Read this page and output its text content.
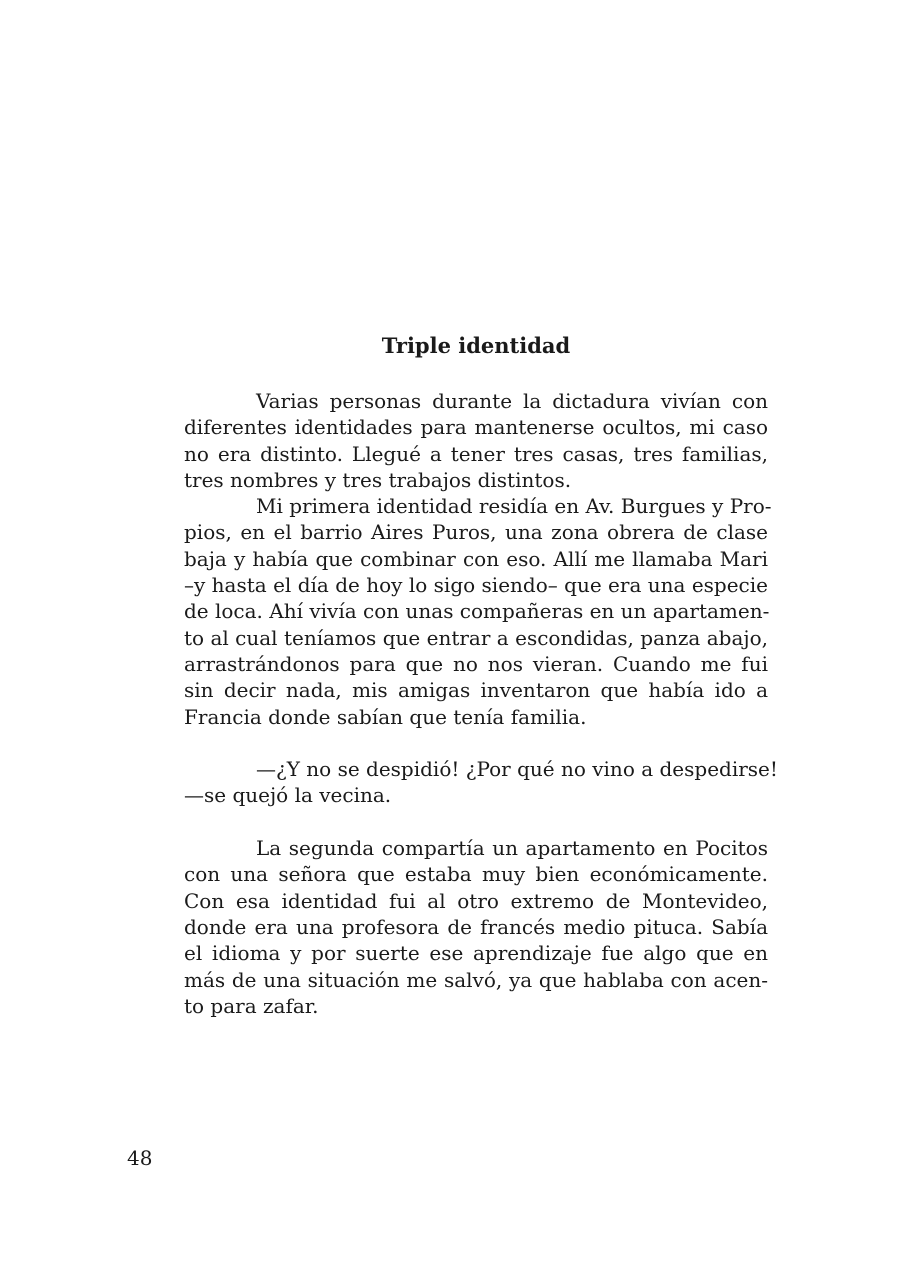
Triple identidad
Varias personas durante la dictadura vivían con
diferentes identidades para mantenerse ocultos, mi caso
no era distinto. Llegué a tener tres casas, tres familias,
tres nombres y tres trabajos distintos.
Mi primera identidad residía en Av. Burgues y Pro-
pios, en el barrio Aires Puros, una zona obrera de clase
baja y había que combinar con eso. Allí me llamaba Mari
–y hasta el día de hoy lo sigo siendo– que era una especie
de loca. Ahí vivía con unas compañeras en un apartamen-
to al cual teníamos que entrar a escondidas, panza abajo,
arrastrándonos para que no nos vieran. Cuando me fui
sin decir nada, mis amigas inventaron que había ido a
Francia donde sabían que tenía familia.
—¿Y no se despidió! ¿Por qué no vino a despedirse!
—se quejó la vecina.
La segunda compartía un apartamento en Pocitos
con una señora que estaba muy bien económicamente.
Con esa identidad fui al otro extremo de Montevideo,
donde era una profesora de francés medio pituca. Sabía
el idioma y por suerte ese aprendizaje fue algo que en
más de una situación me salvó, ya que hablaba con acen-
to para zafar.
48
